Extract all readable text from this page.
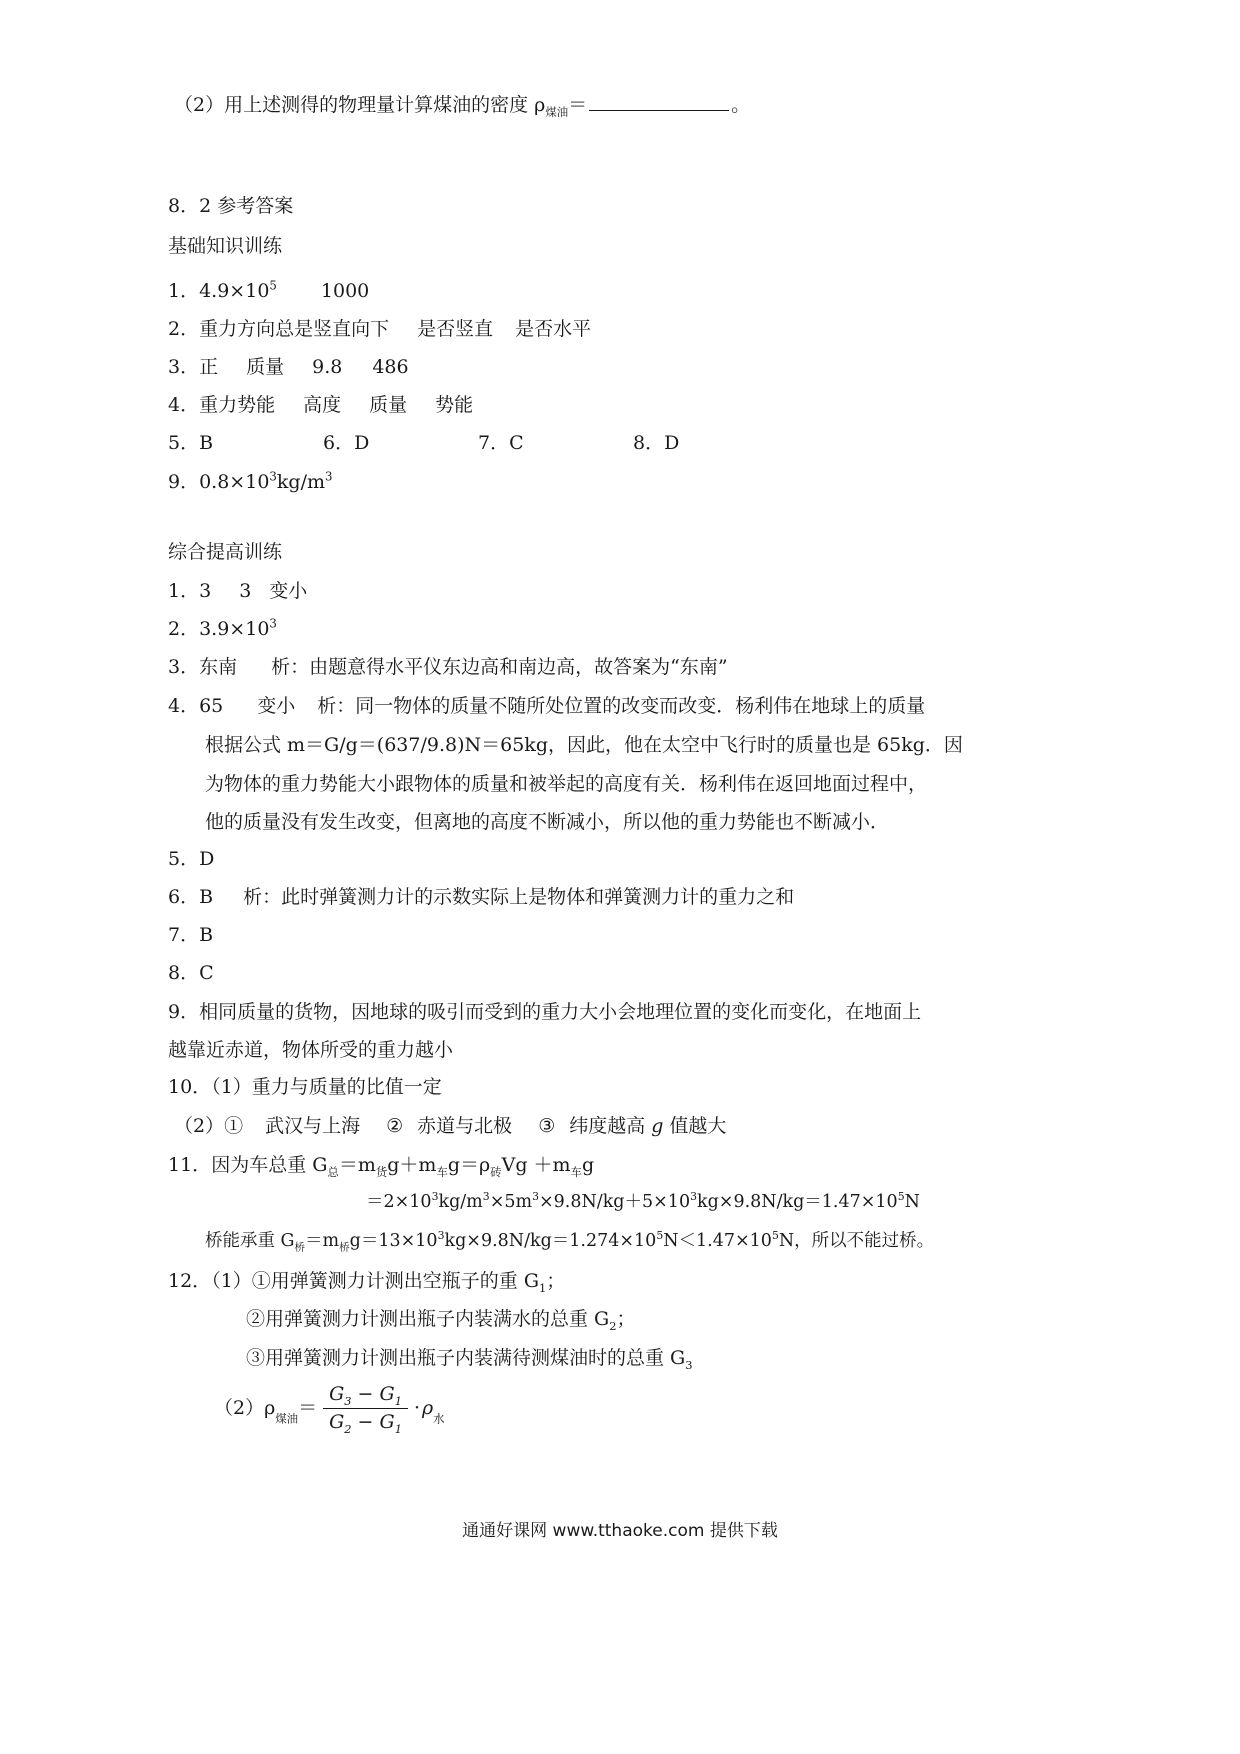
（2）用上述测得的物理量计算煤油的密度 $\rho_{煤油}=$	。
8．2 参考答案
基础知识训练
1．$4.9\times 10^5$ 1000
2．重力方向总是竖直向下 是否竖直 是否水平
3．正 质量 9.8 486
4．重力势能 高度 质量 势能
5．B	6．D	7．C	8．D
9．$0.8\times 10^3kg/m^3$
综合提高训练
1．3 3 变小
2．$3.9\times 10^3$
3．东南 析：由题意得水平仪东边高和南边高，故答案为“东南”
4．65 变小 析：同一物体的质量不随所处位置的改变而改变．杨利伟在地球上的质量
根据公式 m＝G/g＝(637/9.8)N＝65kg，因此，他在太空中飞行时的质量也是 65kg．因
为物体的重力势能大小跟物体的质量和被举起的高度有关．杨利伟在返回地面过程中，
他的质量没有发生改变，但离地的高度不断减小，所以他的重力势能也不断减小．
5．D
6．B 析：此时弹簧测力计的示数实际上是物体和弹簧测力计的重力之和
7．B
8．C
9．相同质量的货物，因地球的吸引而受到的重力大小会地理位置的变化而变化，在地面上
越靠近赤道，物体所受的重力越小
10．（1）重力与质量的比值一定
（2）① 武汉与上海 ② 赤道与北极 ③ 纬度越高 g 值越大
11．因为车总重 $G_总=m_货g+m_车g=\rho_砖Vg +m_车g$
$=2\times 10^3kg/m^3\times 5m^3\times 9.8N/kg+5\times 10^3kg\times 9.8N/kg=1.47\times 10^5N$
桥能承重 $G_桥=m_桥g=13\times 10^3kg\times 9.8N/kg=1.274\times 10^5N<1.47\times 10^5N$，所以不能过桥。
12．（1）①用弹簧测力计测出空瓶子的重 $G_1$；
②用弹簧测力计测出瓶子内装满水的总重 $G_2$；
③用弹簧测力计测出瓶子内装满待测煤油时的总重 $G_3$
$(2)\rho_{煤油}= \frac{G_3 - G_1}{G_2 - G_1} \cdot \rho_水$
通通好课网 www.tthaoke.com 提供下载
